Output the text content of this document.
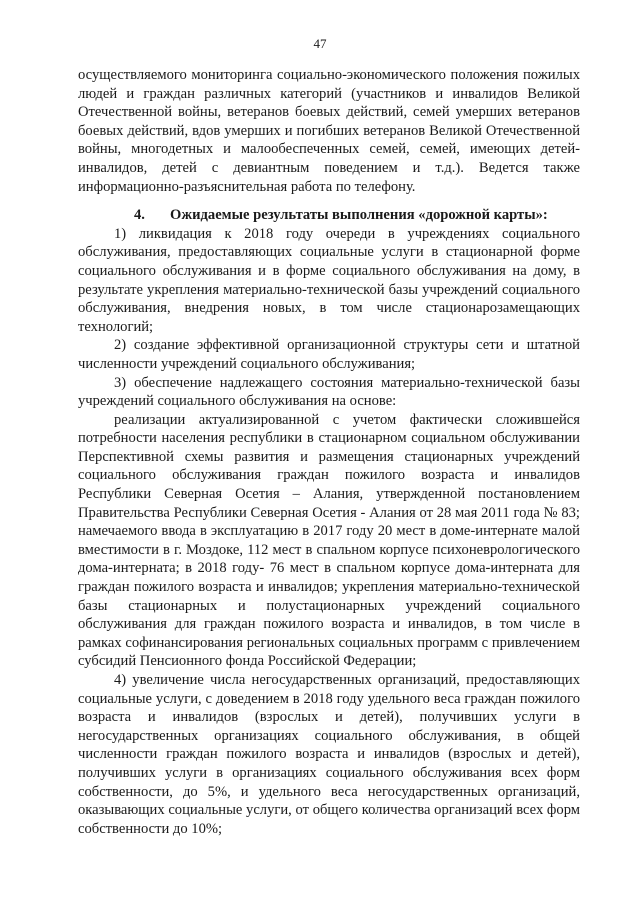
47

осуществляемого мониторинга социально-экономического положения пожилых людей и граждан различных категорий (участников и инвалидов Великой Отечественной войны, ветеранов боевых действий, семей умерших ветеранов боевых действий, вдов умерших и погибших ветеранов Великой Отечественной войны, многодетных и малообеспеченных семей, семей, имеющих детей-инвалидов, детей с девиантным поведением и т.д.). Ведется также информационно-разъяснительная работа по телефону.

4. Ожидаемые результаты выполнения «дорожной карты»:

1) ликвидация к 2018 году очереди в учреждениях социального обслуживания, предоставляющих социальные услуги в стационарной форме социального обслуживания и в форме социального обслуживания на дому, в результате укрепления материально-технической базы учреждений социального обслуживания, внедрения новых, в том числе стационарозамещающих технологий;

2) создание эффективной организационной структуры сети и штатной численности учреждений социального обслуживания;

3) обеспечение надлежащего состояния материально-технической базы учреждений социального обслуживания на основе:

реализации актуализированной с учетом фактически сложившейся потребности населения республики в стационарном социальном обслуживании Перспективной схемы развития и размещения стационарных учреждений социального обслуживания граждан пожилого возраста и инвалидов Республики Северная Осетия – Алания, утвержденной постановлением Правительства Республики Северная Осетия - Алания от 28 мая 2011 года № 83; намечаемого ввода в эксплуатацию в 2017 году 20 мест в доме-интернате малой вместимости в г. Моздоке, 112 мест в спальном корпусе психоневрологического дома-интерната; в 2018 году- 76 мест в спальном корпусе дома-интерната для граждан пожилого возраста и инвалидов; укрепления материально-технической базы стационарных и полустационарных учреждений социального обслуживания для граждан пожилого возраста и инвалидов, в том числе в рамках софинансирования региональных социальных программ с привлечением субсидий Пенсионного фонда Российской Федерации;

4) увеличение числа негосударственных организаций, предоставляющих социальные услуги, с доведением в 2018 году удельного веса граждан пожилого возраста и инвалидов (взрослых и детей), получивших услуги в негосударственных организациях социального обслуживания, в общей численности граждан пожилого возраста и инвалидов (взрослых и детей), получивших услуги в организациях социального обслуживания всех форм собственности, до 5%, и удельного веса негосударственных организаций, оказывающих социальные услуги, от общего количества организаций всех форм собственности до 10%;
